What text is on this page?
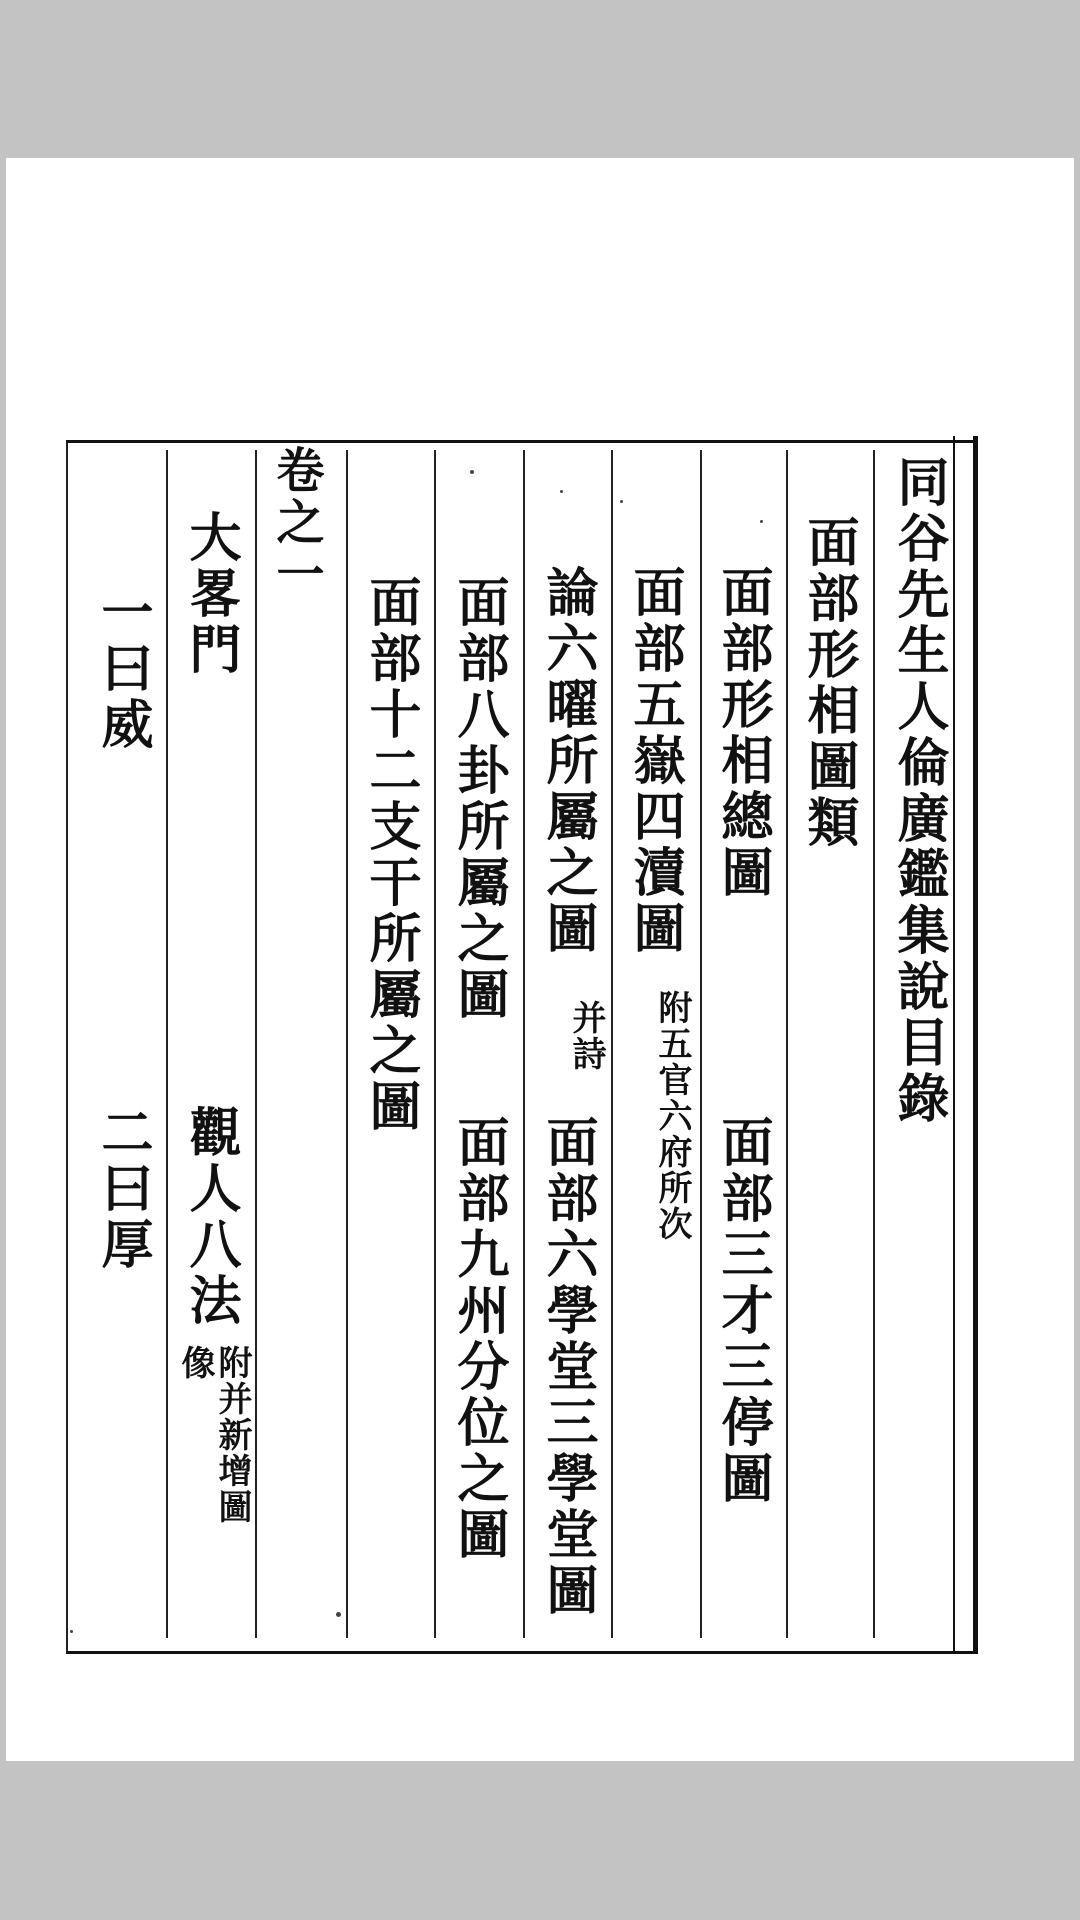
同谷先生人倫廣鑑集說目錄
面部形相圖類
面部形相總圖
面部三才三停圖
面部五嶽四瀆圖
附五官六府所次
論六曜所屬之圖
并詩
面部六學堂三學堂圖
面部八卦所屬之圖
面部九州分位之圖
面部十二支干所屬之圖
卷之一
大畧門
觀人八法
像
附并新增圖
一曰威
二曰厚
